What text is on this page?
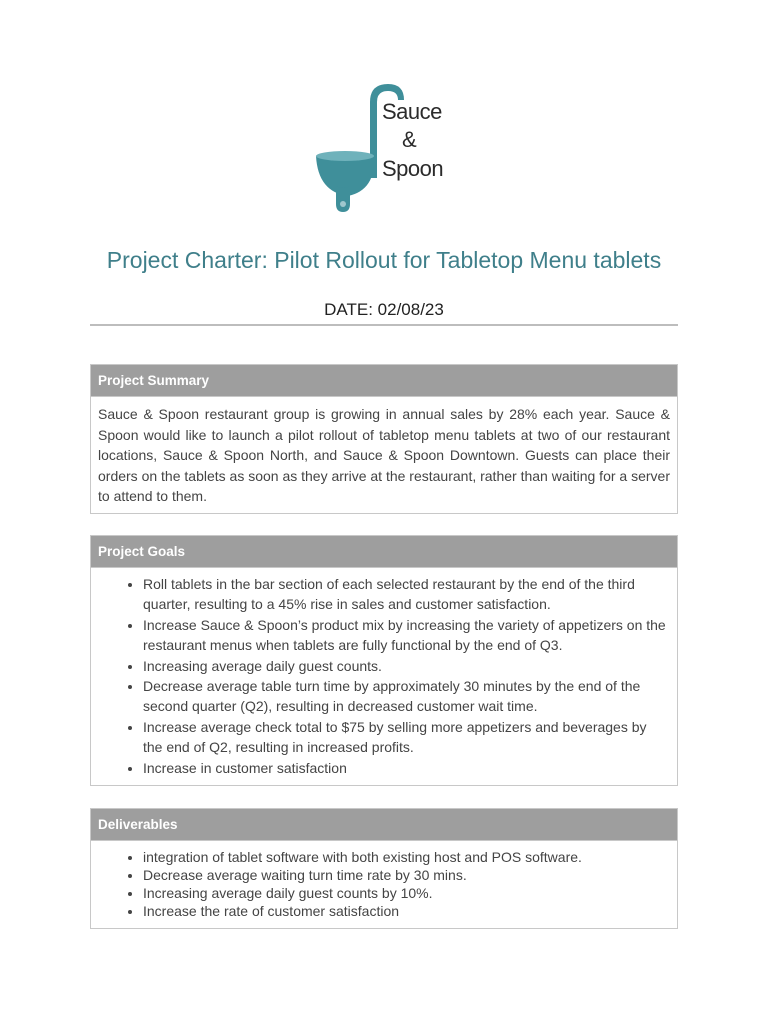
Sauce
&
Spoon
Project Charter: Pilot Rollout for Tabletop Menu tablets
DATE: 02/08/23
Project Summary
Sauce & Spoon restaurant group is growing in annual sales by 28% each year. Sauce & Spoon would like to launch a pilot rollout of tabletop menu tablets at two of our restaurant locations, Sauce & Spoon North, and Sauce & Spoon Downtown. Guests can place their orders on the tablets as soon as they arrive at the restaurant, rather than waiting for a server to attend to them.
Project Goals
• Roll tablets in the bar section of each selected restaurant by the end of the third quarter, resulting to a 45% rise in sales and customer satisfaction.
• Increase Sauce & Spoon’s product mix by increasing the variety of appetizers on the restaurant menus when tablets are fully functional by the end of Q3.
• Increasing average daily guest counts.
• Decrease average table turn time by approximately 30 minutes by the end of the second quarter (Q2), resulting in decreased customer wait time.
• Increase average check total to $75 by selling more appetizers and beverages by the end of Q2, resulting in increased profits.
• Increase in customer satisfaction
Deliverables
• integration of tablet software with both existing host and POS software.
• Decrease average waiting turn time rate by 30 mins.
• Increasing average daily guest counts by 10%.
• Increase the rate of customer satisfaction
